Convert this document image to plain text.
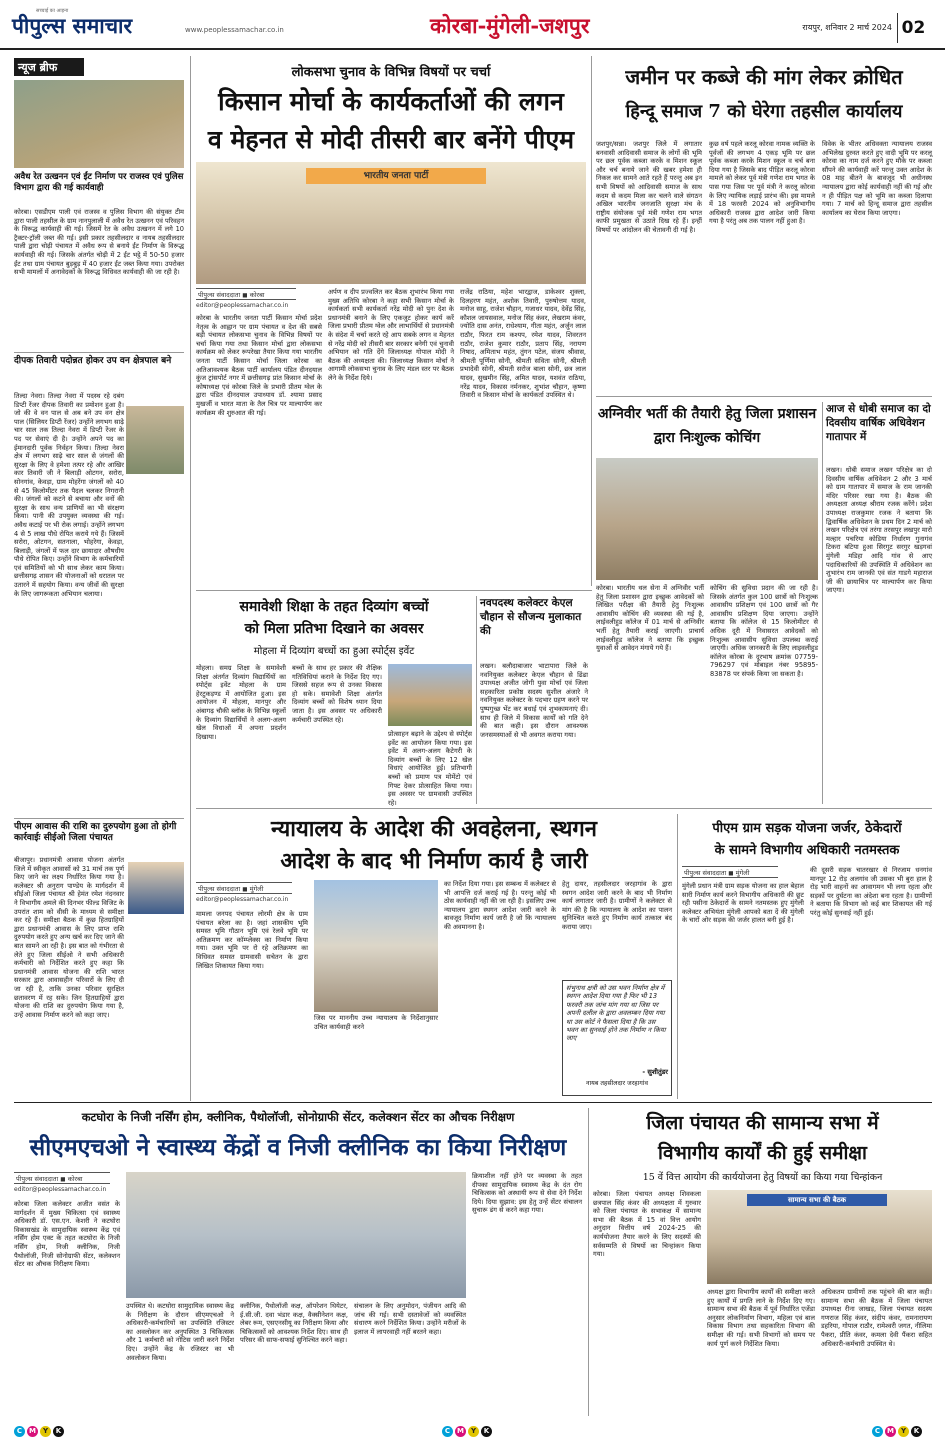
सच्चाई का आइना
पीपुल्स समाचार	www.peoplessamachar.co.in	कोरबा-मुंगेली-जशपुर	रायपुर, शनिवार 2 मार्च 2024 02
न्यूज ब्रीफ
अवैध रेत उत्खनन एवं ईंट निर्माण पर राजस्व एवं पुलिस विभाग द्वारा की गई कार्यवाही
कोरबा। एसडीएम पाली एवं राजस्व व पुलिस विभाग की संयुक्त टीम द्वारा पाली तहसील के ग्राम नानपुलाली में अवैध रेत उत्खनन एवं परिवहन के विरूद्ध कार्यवाही की गई। जिसमें रेत के अवैध उत्खनन में लगे 10 ट्रैक्टर-ट्रॉली जब्त की गई। इसी प्रकार तहसीलदार व नायब तहसीलदार पाली द्वारा चोढ़ी पंचायत में अवैध रूप से बनाये ईंट निर्माण के विरूद्ध कार्यवाही की गई। जिसके अंतर्गत चोढ़ी में 2 ईंट भट्ठे में 50-50 हजार ईंट तथा ग्राम पंचायत बुड़बुड़ में 40 हजार ईंट जब्त किया गया। उपरोक्त सभी मामलों में अनावेदकों के विरूद्ध विधिवत कार्यवाही की जा रही है।
दीपक तिवारी पदोन्नत होकर उप वन क्षेत्रपाल बने
तिल्दा नेवरा। तिल्दा नेवरा में पदस्थ रहे दबंग डिप्टी रेंजर दीपक तिवारी का प्रमोशन हुआ है। जो की वे वन पाल से अब बने उप वन क्षेत्र पाल (सिलियर डिप्टी रेंजर) उन्होंने लगभग साढ़े चार साल तक तिल्दा नेवरा में डिप्टी रेंजर के पद पर सेवाएं दी है। उन्होंने अपने पद का ईमानदारी पूर्वक निर्वहन किया। तिल्दा नेवरा क्षेत्र में लगभग साढ़े चार साल से जंगलों की सुरक्षा के लिए वे हमेशा तत्पर रहे और आखिर कार तिवारी जी ने बिलाड़ी ओटगन, सरोरा, सोनगांव, केवड़ा, ग्राम मोहरेंगा जंगलों को 40 से 45 किलोमीटर तक पैदल चलकर निगरानी की। जंगलों को कटने से बचाया और वनों की सुरक्षा के साथ वन्य प्राणियों का भी संरक्षण किया। पानी की उपयुक्त व्यवस्था की गई। अवैध कटाई पर भी रोक लगाई। उन्होंने लगभग 4 से 5 लाख पौधे रोपित कराये गये हैं। जिसमें सरोरा, ओटगन, सतनाला, भोहरेगा, केवड़ा, बिलाड़ी, जंगलों में फल दार छायादार औषधीय पौधे रोपित किए। उन्होंने विभाग के कर्मचारियों एवं समितियों को भी साथ लेकर काम किया। छत्तीसगढ़ शासन की योजनाओं को धरातल पर उतारने में सहयोग किया। वन्य जीवों की सुरक्षा के लिए जागरूकता अभियान चलाया।
पीएम आवास की राशि का दुरुपयोग हुआ तो होगी कार्रवाईः सीईओ जिला पंचायत
बीजापुर। प्रधानमंत्री आवास योजना अंतर्गत जिले में स्वीकृत आवासों को 31 मार्च तक पूर्ण किए जाने का लक्ष्य निर्धारित किया गया है। कलेक्टर श्री अनुराग पाण्डेय के मार्गदर्शन में सीईओ जिला पंचायत श्री हेमंत रमेश नंदनवार ने विभागीय अमले की दिनभर फील्ड विजिट के उपरांत शाम को वीसी के माध्यम से समीक्षा कर रहे हैं। समीक्षा बैठक में कुछ हितग्राहियों द्वारा प्रधानमंत्री आवास के लिए प्राप्त राशि दुरुपयोग करते हुए अन्य खर्च कर दिए जाने की बात सामने आ रही है। इस बात को गंभीरता से लेते हुए जिला सीईओ ने सभी अधिकारी कर्मचारी को निर्देशित करते हुए कहा कि प्रधानमंत्री आवास योजना की राशि भारत सरकार द्वारा आवासहीन परिवारों के लिए दी जा रही है, ताकि उनका परिवार सुरक्षित छतावरण में रह सके। जिन हितग्राहियों द्वारा योजना की राशि का दुरुपयोग किया गया है, उन्हें आवास निर्माण करने को कहा जाए।
लोकसभा चुनाव के विभिन्न विषयों पर चर्चा
किसान मोर्चा के कार्यकर्ताओं की लगन
व मेहनत से मोदी तीसरी बार बनेंगे पीएम
भारतीय जनता पार्टी
पीपुल्स संवाददाता ◼ कोरबा
editor@peoplessamachar.co.in
कोरबा के भारतीय जनता पार्टी किसान मोर्चा प्रदेश नेतृत्व के आह्वान पर ग्राम पंचायत व देश की सबसे बड़ी पंचायत लोकसभा चुनाव के विभिन्न विषयों पर चर्चा किया गया तथा किसान मोर्चा द्वारा लोकसभा कार्यक्रम को लेकर रूपरेखा तैयार किया गया भारतीय जनता पार्टी किसान मोर्चा जिला कोरबा का अतिआवश्यक बैठक पार्टी कार्यालय पंडित दीनदयाल कुंज ट्रांसपोर्ट नगर में छत्तीसगढ़ प्रांत किसान मोर्चा के कोषाध्यक्ष एवं कोरबा जिले के प्रभारी प्रीतम ग्वेल के द्वारा पंडित दीनदयाल उपाध्याय डॉ. श्यामा प्रसाद मुखर्जी व भारत माता के तैल चित्र पर माल्यार्पण कर कार्यक्रम की शुरुआत की गई।
अर्पण व दीप प्रज्वलित कर बैठक शुभारंभ किया गया मुख्य अतिथि कोरबा ने कहा सभी किसान मोर्चा के कार्यकर्ता सभी कार्यकर्ता नरेंद्र मोदी को पुनः देश के प्रधानमंत्री बनाने के लिए एकजुट होकर कार्य करें जिला प्रभारी प्रीतम ग्वेल और लाभार्थियों से प्रधानमंत्री के संदेश में चर्चा करते रहे आप सबके लगन व मेहनत से नरेंद्र मोदी को तीसरी बार सरकार बनेगी एवं चुनावी अभियान को गति देंगे जिलाध्यक्ष गोपाल मोदी ने बैठक की अध्यक्षता की। जिलाध्यक्ष किसान मोर्चा ने आगामी लोकसभा चुनाव के लिए मंडल स्तर पर बैठक लेने के निर्देश दिये।
राजेंद्र राठिया, महेश भारद्वाज, डाकेश्वर शुक्ला, दिलहरण महंत, अशोक तिवारी, पुरुषोत्तम यादव, मनोज साहू, राजेश चौहान, गजाधर यादव, देवेंद्र सिंह, कौशल जायसवाल, मनोज सिंह कंवर, लेखराम कंवर, ज्योति दास अनंत, राधेश्याम, गीता महंत, अर्जुन लाल राठौर, फिरत राम कश्यप, रमेश यादव, शिवरतन राठौर, राजेश कुमार राठौर, प्रताप सिंह, नरायण निषाद, अमिताभ महंत, तुंगन पटेल, संजय श्रीवास, श्रीमती पूर्णिमा सोनी, श्रीमती सविता सोनी, श्रीमती प्रभादेवी सोनी, श्रीमती सरोज बाला सोनी, छत्र लाल यादव, सुखमीन सिंह, अमित यादव, यशवंत राठिया, नरेंद्र यादव, विकास नर्मनकर, शुभांश चौहान, कृष्णा तिवारी व किसान मोर्चा के कार्यकर्ता उपस्थित थे।
जमीन पर कब्जे की मांग लेकर क्रोधित
हिन्दू समाज 7 को घेरेगा तहसील कार्यालय
जशपुर/सन्ना। जशपुर जिले में लगातार बनवासी आदिवासी समाज के लोगों की भूमि पर छल पूर्वक कब्जा करके व मिशन स्कूल और चर्च बनाये जाने की खबर हमेशा ही निकल कर सामने आते रहते हैं परन्तु अब इन सभी विषयों को आदिवासी समाज के साथ कदम से कदम मिला कर चलने वाले संगठन अखिल भारतीय जनजाति सुरक्षा मंच के राष्ट्रीय संयोजक पूर्व मंत्री गणेश राम भगत काफी प्रमुखता से उठाते दिख रहे हैं। इन्हीं विषयों पर आंदोलन की चेतावनी दी गई है।
कुछ वर्ष पहले करलू कोरवा नामक व्यक्ति के पूर्वजों की लगभग 4 एकड़ भूमि पर छल पूर्वक कब्जा करके मिशन स्कूल व चर्च बना दिया गया है जिसके बाद पीड़ित करलू कोरवा मामले को लेकर पूर्व मंत्री गणेश राम भगत के पास गया जिस पर पूर्व मंत्री ने करलू कोरवा के लिए न्यायिक लड़ाई प्रारंभ की। इस मामले में 18 फरवरी 2024 को अनुविभागीय अधिकारी राजस्व द्वारा आदेश जारी किया गया है परंतु अब तक पालन नहीं हुआ है।
विवेक के भीतर अधिवक्ता न्यायालय राजस्व अभिलेख दुरुस्त करते हुए वादी भूमि पर करलू कोरवा का नाम दर्ज करने हुए मौके पर कब्जा सौंपने की कार्यवाही करें परन्तु उक्त आदेश के 08 माह बीतने के बावजूद भी अधीनस्थ न्यायालय द्वारा कोई कार्यवाही नहीं की गई और न ही पीड़ित पक्ष को भूमि का कब्जा दिलाया गया। 7 मार्च को हिन्दू समाज द्वारा तहसील कार्यालय का घेराव किया जाएगा।
अग्निवीर भर्ती की तैयारी हेतु जिला प्रशासन द्वारा निःशुल्क कोचिंग
कोरबा। भारतीय थल सेना में अग्निवीर भर्ती हेतु जिला प्रशासन द्वारा इच्छुक आवेदकों को लिखित परीक्षा की तैयारी हेतु निःशुल्क आवासीय कोचिंग की व्यवस्था की गई है, लाईवलीहुड कॉलेज में 01 मार्च से अग्निवीर भर्ती हेतु तैयारी कराई जाएगी। प्राचार्य लाईवलीहुड कॉलेज ने बताया कि इच्छुक युवाओं से आवेदन मंगाये गये हैं।
कोचिंग की सुविधा प्रदान की जा रही है। जिसके अंतर्गत कुल 100 छात्रों को निःशुल्क आवासीय प्रशिक्षण एवं 100 छात्रों को गैर आवासीय प्रशिक्षण दिया जाएगा। उन्होंने बताया कि कॉलेज से 15 किलोमीटर से अधिक दूरी में निवासरत आवेदकों को निःशुल्क आवासीय सुविधा उपलब्ध कराई जाएगी। अधिक जानकारी के लिए लाइवलीहुड कॉलेज कोरबा के दूरभाष क्रमांक 07759-796297 एवं मोबाइल नंबर 95895-83878 पर संपर्क किया जा सकता है।
आज से धोबी समाज का दो दिवसीय वार्षिक अधिवेशन गातापार में
लखन। धोबी समाज लखन परिक्षेत्र का दो दिवसीय वार्षिक अधिवेशन 2 और 3 मार्च को ग्राम गातापार में समाज के राम जानकी मंदिर परिसर रखा गया है। बैठक की अध्यक्षता अध्यक्ष श्रीराम रजक करेंगे। प्रदेश उपाध्यक्ष राजकुमार रजक ने बताया कि द्विवार्षिक अधिवेशन के प्रथम दिन 2 मार्च को लखन परिक्षेत्र एवं तरंगा तरसपुर लखपुर मारो मल्हार पचरिया कोडिया निर्धारण गुनागंव टिकरा बटिया हुआ सिरगुट सरगुर खड़गवां मुंगेली मडिहा आदि गांव से आए पदाधिकारियों की उपस्थिति में अधिवेशन का शुभारंभ राम जानकी एवं संत गाडगे महाराज जी की छायाचित्र पर माल्यार्पण कर किया जाएगा।
समावेशी शिक्षा के तहत दिव्यांग बच्चों
को मिला प्रतिभा दिखाने का अवसर
मोहला में दिव्यांग बच्चों का हुआ स्पोर्ट्स इवेंट
मोहला। समग्र शिक्षा के समावेशी शिक्षा अंतर्गत दिव्यांग विद्यार्थियों का स्पोर्ट्स इवेंट मोहला के ग्राम हेरटुकड़ण्ड में आयोजित हुआ। इस आयोजन में मोहला, मानपुर और अंबागढ़ चौकी ब्लॉक के विभिन्न स्कूलों के दिव्यांग विद्यार्थियों ने अलग-अलग खेल विधाओं में अपना प्रदर्शन दिखाया।
बच्चों के साथ हर प्रकार की शैक्षिक गतिविधियां कराने के निर्देश दिए गए। जिससे सहज रूप से उनका विकास हो सके। समावेशी शिक्षा अंतर्गत दिव्यांग बच्चों को विशेष ध्यान दिया जाता है। इस अवसर पर अधिकारी कर्मचारी उपस्थित रहे।
प्रोत्साहन बढ़ाने के उद्देश्य से स्पोर्ट्स इवेंट का आयोजन किया गया। इस इवेंट में अलग-अलग कैटेगरी के दिव्यांग बच्चों के लिए 12 खेल विधाएं आयोजित हुईं। प्रतिभागी बच्चों को प्रमाण पत्र मोमेंटो एवं गिफ्ट देकर प्रोत्साहित किया गया। इस अवसर पर ग्रामवासी उपस्थित रहे।
नवपदस्थ कलेक्टर केएल चौहान से सौजन्य मुलाकात की
लखन। बलौदाबाजार भाटापारा जिले के नवनियुक्त कलेक्टर केएल चौहान से ढिंढा उपाध्यक्ष अजीत जोगी युवा मोर्चा एवं जिला सहकारिता प्रकोष्ठ सदस्य सुशील अंजारे ने नवनियुक्त कलेक्टर के पदभार ग्रहण करने पर पुष्पगुच्छ भेंट कर बधाई एवं शुभकामनाएं दी। साथ ही जिले में विकास कार्यों को गति देने की बात कही। इस दौरान आवश्यक जनसमस्याओं से भी अवगत कराया गया।
न्यायालय के आदेश की अवहेलना, स्थगन
आदेश के बाद भी निर्माण कार्य है जारी
पीपुल्स संवाददाता ◼ मुंगेली
editor@peoplessamachar.co.in
मामला जनपद पंचायत लोरमी क्षेत्र के ग्राम पंचायत बरेला का है। जहां शासकीय भूमि समस्त भूमि गौठान भूमि एवं रेलवे भूमि पर अतिक्रमण कर कॉम्प्लेक्स का निर्माण किया गया। उक्त भूमि पर रो रहे अतिक्रमण का विधिवत समस्त ग्रामवासी सचेतन के द्वारा लिखित शिकायत किया गया।
जिस पर माननीय उच्च न्यायालय के निर्देशानुसार उचित कार्यवाही करने
का निर्देश दिया गया। इस सम्बन्ध में कलेक्टर से भी आपत्ति दर्ज कराई गई है। परन्तु कोई भी ठोस कार्यवाही नहीं की जा रही है। इसलिए उच्च न्यायालय द्वारा स्थगन आदेश जारी करने के बावजूद निर्माण कार्य जारी है जो कि न्यायालय की अवमानना है।
हेतु दायर, तहसीलदार जरहागांव के द्वारा स्थगन आदेश जारी करने के बाद भी निर्माण कार्य लगातार जारी है। ग्रामीणों ने कलेक्टर से मांग की है कि न्यायालय के आदेश का पालन सुनिश्चित करते हुए निर्माण कार्य तत्काल बंद कराया जाए।
संभुनाथ क्षत्री को उस भवन निर्माण क्षेत्र में स्थगन आदेश दिया गया है फिर भी 13 फरवरी तक जांच मांग गया था जिस पर अपनी दलील के द्वारा अवलम्बन दिया गया था उस कोर्ट ने फैसला दिया है कि उस भवन का सुनवाई होने तक निर्माण न किया जाए
- सुशीतुंडर
नायब तहसीलदार जरहागांव
पीएम ग्राम सड़क योजना जर्जर, ठेकेदारों
के सामने विभागीय अधिकारी नतमस्तक
पीपुल्स संवाददाता ◼ मुंगेली
मुंगेली प्रधान मंत्री ग्राम सड़क योजना का हाल बेहाल सारी निर्माण कार्य करने विभागीय अधिकारी की छूट रही पसीना ठेकेदारों के सामने नतमस्तक हुए मुंगेली कलेक्टर अभियंता मुंगेली आपको बता दें की मुंगेली के चारों ओर सड़क की जर्जर हालत बनी हुई है।
की दूसरी सड़क चातरखार से निरजाम धनगांव मानपुर 12 रोड़ अलगांव जी उसका भी बुरा हाल है रोड़ भारी वाहनों का आवागमन भी लगा रहता और सड़कों पर दुर्घटना का अंदेशा बना रहता है। ग्रामीणों ने बताया कि विभाग को कई बार शिकायत की गई परंतु कोई सुनवाई नहीं हुई।
कटघोरा के निजी नर्सिंग होम, क्लीनिक, पैथोलॉजी, सोनोग्राफी सेंटर, कलेक्शन सेंटर का औचक निरीक्षण
सीएमएचओ ने स्वास्थ्य केंद्रों व निजी क्लीनिक का किया निरीक्षण
पीपुल्स संवाददाता ◼ कोरबा
editor@peoplessamachar.co.in
कोरबा जिला कलेक्टर अजीत वसंत के मार्गदर्शन में मुख्य चिकित्सा एवं स्वास्थ्य अधिकारी डॉ. एस.एन. केशरी ने कटघोरा विकासखंड के सामुदायिक स्वास्थ्य केंद्र एवं नर्सिंग होम एक्ट के तहत कटघोरा के निजी नर्सिंग होम, निजी क्लीनिक, निजी पैथोलॉजी, निजी सोनोग्राफी सेंटर, कलेक्शन सेंटर का औचक निरीक्षण किया।
उपस्थित थे। कटघोरा सामुदायिक स्वास्थ्य केंद्र के निरीक्षण के दौरान सीएमएचओ ने अधिकारी-कर्मचारियों का उपस्थिति रजिस्टर का अवलोकन कर अनुपस्थित 3 चिकित्सक और 1 कर्मचारी को नोटिस जारी करने निर्देश दिए। उन्होंने केंद्र के रजिस्टर का भी अवलोकन किया।
क्लीनिक, पैथोलॉजी कक्ष, ऑपरेशन थियेटर, ई.सी.जी. दवा भंडार कक्ष, वैक्सीनेशन कक्ष, लेबर रूम, एसएनसीयू का निरीक्षण किया और चिकित्सकों को आवश्यक निर्देश दिए। साथ ही परिसर की साफ-सफाई सुनिश्चित करने कहा।
संचालन के लिए अनुमोदन, पंजीयन आदि की जांच की गई। सभी दस्तावेजों को व्यवस्थित संधारण करने निर्देशित किया। उन्होंने मरीजों के इलाज में लापरवाही नहीं बरतने कहा।
क्रियाशील नहीं होने पर व्यवस्था के तहत दीपका सामुदायिक स्वास्थ्य केंद्र के दंत रोग चिकित्सक को अस्थायी रूप से सेवा देने निर्देश दिये। दिया सुझाव: इस हेतु उन्हें सेंटर संचालन सुचारू ढंग से करने कहा गया।
जिला पंचायत की सामान्य सभा में
विभागीय कार्यों की हुई समीक्षा
15 वें वित्त आयोग की कार्ययोजना हेतु विषयों का किया गया चिन्हांकन
कोरबा। जिला पंचायत अध्यक्ष शिवकला छत्रपाल सिंह कंवर की अध्यक्षता में गुरुवार को जिला पंचायत के सभाकक्ष में सामान्य सभा की बैठक में 15 वां वित्त आयोग अनुदान वित्तीय वर्ष 2024-25 की कार्ययोजना तैयार करने के लिए सदस्यों की सर्वसम्मति से विषयों का चिन्हांकन किया गया।
सामान्य सभा की बैठक
अध्यक्ष द्वारा विभागीय कार्यों की समीक्षा करते हुए कार्यों में प्रगति लाने के निर्देश दिए गए। सामान्य सभा की बैठक में पूर्व निर्धारित एजेंडा अनुसार लोकनिर्माण विभाग, महिला एवं बाल विकास विभाग तथा सहकारिता विभाग की समीक्षा की गई। सभी विभागों को समय पर कार्य पूर्ण करने निर्देशित किया।
अधिकतम ग्रामीणों तक पहुंचने की बात कही। सामान्य सभा की बैठक में जिला पंचायत उपाध्यक्ष रीना जाखड़, जिला पंचायत सदस्य गणराज सिंह कंवर, संदीप कंवर, रामनारायण डहरिया, गोपाल राठौर, रामेश्वरी जगत, नीलिमा पैकरा, प्रीति कंवर, कमला देवी पैंकरा सहित अधिकारी-कर्मचारी उपस्थित थे।
C M Y	K	C M Y	K	C M Y	K
